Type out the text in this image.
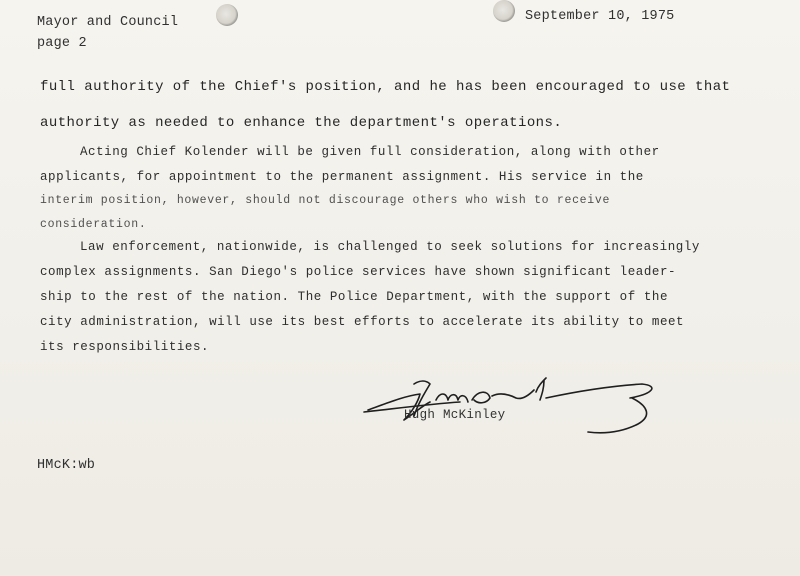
Mayor and Council

page 2

September 10, 1975

full authority of the Chief's position, and he has been encouraged to use that

authority as needed to enhance the department's operations.

Acting Chief Kolender will be given full consideration, along with other

applicants, for appointment to the permanent assignment. His service in the

interim position, however, should not discourage others who wish to receive

consideration.

Law enforcement, nationwide, is challenged to seek solutions for increasingly

complex assignments. San Diego's police services have shown significant leader-

ship to the rest of the nation. The Police Department, with the support of the

city administration, will use its best efforts to accelerate its ability to meet

its responsibilities.

Hugh McKinley

HMcK:wb
